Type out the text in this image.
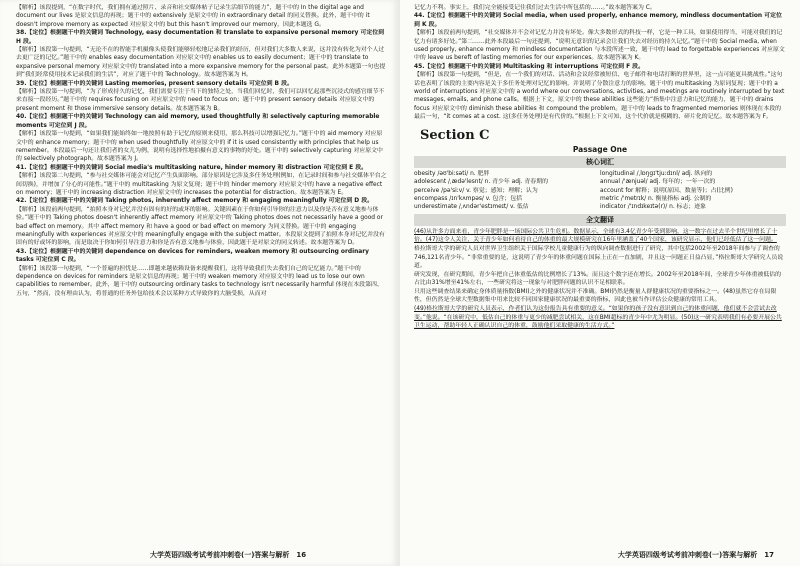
【解析】该段提到，“在数字时代，我们拥有通过照片、录音和社交媒体帖子记录生活细节的能力”，题干中的 In the digital age and document our lives 是原文信息的再现；题干中的 extensively 是原文中的 in extraordinary detail 的同义替换。此外，题干中的 it doesn't improve memory as expected 对应原文中的 but this hasn't improved our memory，因此本题选 G。

38.【定位】根据题干中的关键词 Technology, easy documentation 和 translate to expansive personal memory 可定位到 H 段。

【解析】该段第一句提到，“无论不在的智能手机摄像头使我们能够轻松地记录我们的经历，但对我们大多数人来说，这并没有转化为对个人过去更广泛的记忆。”题干中的 enables easy documentation 对应原文中的 enables us to easily document；题干中的 translate to expansive personal memory 对应原文中的 translated into a more expansive memory for the personal past。此外本题第一句也提到“我们经常使用技术记录我们的生活”，对应了题干中的 Technology。故本题答案为 H。

39.【定位】根据题干中的关键词 Lasting memories, present sensory details 可定位到 B 段。

【解析】该段第一句提到，“为了形成持久的记忆，我们需要专注于当下的独特之处，当我们回忆时，我们可以回忆起那些沉浸式的感官细节不来直接一段经历。”题干中的 requires focusing on 对应原文中的 need to focus on；题干中的 present sensory details 对应原文中的 present moment 和 those immersive sensory details。故本题答案为 B。

40.【定位】根据题干中的关键词 Technology can aid memory, used thoughtfully 和 selectively capturing memorable moments 可定位到 J 段。

【解析】该段第一句提到，“如果我们能始终如一地按照有助于记忆的原则来使用，那么科技可以增强记忆力。”题干中的 aid memory 对应原文中的 enhance memory；题干中的 when used thoughtfully 对应原文中的 if it is used consistently with principles that help us remember。本段最后一句还让我们者的女儿为例，说明有选择性地拍摄有意义的事物的好处。题干中的 selectively capturing 对应原文中的 selectively photograph。故本题答案为 J。

41.【定位】根据题干中的关键词 Social media's multitasking nature, hinder memory 和 distraction 可定位到 E 段。

【解析】该段第二句提到，“参与社交媒体可能会对记忆产生负面影响。部分原因是它涉及多任务处理(例如，在记录时间和参与社交媒体平台之间切换)，并增加了分心的可能性。”题干中的 multitasking 为原文复现；题干中的 hinder memory 对应原文中的 have a negative effect on memory；题干中的 increasing distraction 对应原文中的 increases the potential for distraction。故本题答案为 E。

42.【定位】根据题干中的关键词 Taking photos, inherently affect memory 和 engaging meaningfully 可定位到 D 段。

【解析】该段前两句提到，“拍照本身对记忆并没有固有的好的或坏的影响。关键因素在于你如何引导你的注意力以及你是否有意义地参与体验。”题干中的 Taking photos doesn't inherently affect memory 对应原文中的 Taking photos does not necessarily have a good or bad effect on memory。其中 affect memory 和 have a good or bad effect on memory 为同义替换。题干中的 engaging meaningfully with experiences 对应原文中的 meaningfully engage with the subject matter。本段原文提到了拍照本身对记忆并没有固有的好或坏的影响，而是取决于你如何引导注意力和你是否有意义地参与体验，因此题干是对原文的同义转述。故本题答案为 D。

43.【定位】根据题干中的关键词 dependence on devices for reminders, weaken memory 和 outsourcing ordinary tasks 可定位到 C 段。

【解析】该段第一句提到，“一个普遍的担忧是……即越来越依赖设备来提醒我们，这将导致我们失去我们自己的记忆能力。”题干中的 dependence on devices for reminders 是原文信息的再现；题干中的 weaken memory 对应原文中的 lead us to lose our own capabilities to remember。此外，题干中的 outsourcing ordinary tasks to technology isn't necessarily harmful 体现在本段第四、五句，“然而，没有理由认为，将普通的任务外包给技术会以某种方式导致你的大脑受损，从而对

大学英语四级考试考前冲刺卷(一)答案与解析　16

记忆力不利。事实上，我们完全能接受记住我们过去生活中所包括的……。”故本题答案为 C。

44.【定位】根据题干中的关键词 Social media, when used properly, enhance memory, mindless documentation 可定位到 K 段。

【解析】该段前两句提到，“社交媒体并不会对记忆力并没有坏处。像大多数形式的科技一样，它是一种工具，如果使用得当，可能对我们的记忆力有诸多好处。”第二……此外本段最后一句还提到，“说明无意识的记录会让我们失去对经历的持久记忆。”题干中的 Social media, when used properly, enhance memory 和 mindless documentation 与本段所述一致，题干中的 lead to forgettable experiences 对应原文中的 leave us bereft of lasting memories for our experiences。故本题答案为 K。

45.【定位】根据题干中的关键词 Multitasking 和 interruptions 可定位到 F 段。

【解析】该段第一句提到，“但是，在一个我们的对话、活动和会议经常被短信、电子邮件和电话打断的世界里，这一点可能更具挑战性。”这句话也表明了该段的主要内容是关于多任务处理对记忆的影响，并说明了分散注意力的影响。题干中的 multitasking 为原词复现；题干中的 a world of interruptions 对应原文中的 a world where our conversations, activities, and meetings are routinely interrupted by text messages, emails, and phone calls。根据上下文，原文中的 these abilities 这些能力“指集中注意力和记忆的能力，题干中的 drains focus 对应原文中的 diminish these abilities 和 compound the problem。题干中的 leads to fragmented memories 则体现在本段的最后一句，“it comes at a cost. 这(多任务处理)是有代价的。”根据上下文可知，这个代价就是模糊的、碎片化的记忆。故本题答案为 F。

Section C
Passage One
核心词汇
obesity /əʊ'biːsəti/ n. 肥胖
adolescent /ˌædə'lesnt/ n. 青少年 adj. 青春期的
perceive /pə'siːv/ v. 察觉；感知；理解；认为
encompass /ɪn'kʌmpəs/ v. 包含；包括
underestimate /ˌʌndər'estɪmeɪt/ v. 低估
longitudinal /ˌlɒŋgɪ'tjuːdɪnl/ adj. 纵向的
annual /'ænjuəl/ adj. 每年的；一年一次的
account for 解释；说明(原因、数量等)；占(比例)
metric /'metrɪk/ n. 衡量指标 adj. 公制的
indicator /'ɪndɪkeɪtə(r)/ n. 标志；迹象
全文翻译

(46)从许多方面来看，青少年肥胖是一场国际公共卫生危机。数据显示，全球有3.4亿青少年受到影响，这一数字在过去半个世纪里增长了十倍。(47)这令人关注，关于青少年如何看待自己的体重的最大规模研究在16年里涵盖了40个国家，该研究显示，他们已经低估了这一问题。

格拉斯哥大学的研究人员对世界卫生组织关于国际学校儿童健康行为的纵向调查数据进行了研究，其中包括2002年至2018年间参与了调查的746,121名青少年。“非常重要的是，这说明了青少年的体重问题在国际上正在一直加剧，并且这一问题正日益凸显，”格拉斯哥大学研究人员说道。

研究发现，在研究期间，青少年把自己体重低估的比例增长了13%。而且这个数字还在增长。2002年至2018年间，全球青少年体重被低估的占比由31%增至41%左右，一些研究将这一现象与对肥胖问题的认识不足相联系。

只用这些调查结果来确定身体质量指数(BMI)之外的健康状况并不准确。BMI仍然是衡量人群健康状况的重要指标之一。(48)虽然它存在局限性，但仍然是全球大型数据集中用来比较不同国家健康状况的最重要的指标，因此也被当作评估公众健康的常用工具。

(49)格拉斯哥大学的研究人员表示，作者们认为这份报告具有重要的意义。“如果你的孩子没有意识到自己的体重问题，他们就不会尝试去改变。”他说。“在该研究中，低估自己的体重与更少的减肥尝试相关，这在BMI超标的青少年中尤为明显。(50)这一研究表明我们有必要开展公共卫生运动，帮助年轻人正确认识自己的体重，鼓励他们采取健康的生活方式。”

大学英语四级考试考前冲刺卷(一)答案与解析　17
